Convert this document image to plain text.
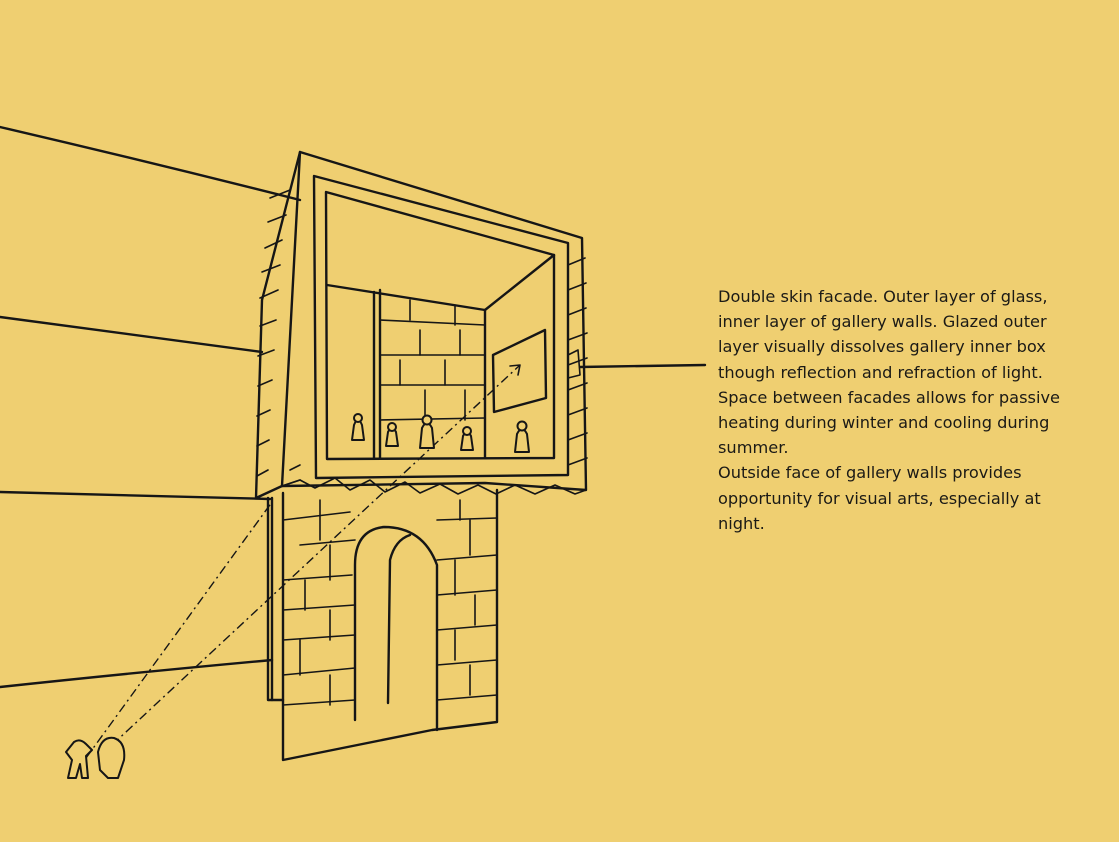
Double skin facade. Outer layer of glass, inner layer of gallery walls. Glazed outer layer visually dissolves gallery inner box though reflection and refraction of light.

Space between facades allows for passive heating during winter and cooling during summer.

Outside face of gallery walls provides opportunity for visual arts, especially at night.
